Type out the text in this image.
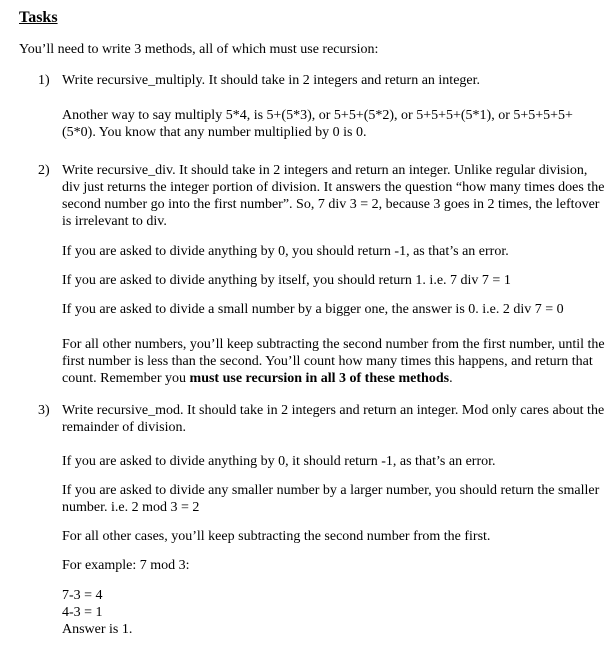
Tasks

You’ll need to write 3 methods, all of which must use recursion:

1) Write recursive_multiply. It should take in 2 integers and return an integer.

Another way to say multiply 5*4, is 5+(5*3), or 5+5+(5*2), or 5+5+5+(5*1), or 5+5+5+5+(5*0). You know that any number multiplied by 0 is 0.

2) Write recursive_div. It should take in 2 integers and return an integer. Unlike regular division, div just returns the integer portion of division. It answers the question “how many times does the second number go into the first number”. So, 7 div 3 = 2, because 3 goes in 2 times, the leftover is irrelevant to div.

If you are asked to divide anything by 0, you should return -1, as that’s an error.

If you are asked to divide anything by itself, you should return 1. i.e. 7 div 7 = 1

If you are asked to divide a small number by a bigger one, the answer is 0. i.e. 2 div 7 = 0

For all other numbers, you’ll keep subtracting the second number from the first number, until the first number is less than the second. You’ll count how many times this happens, and return that count. Remember you must use recursion in all 3 of these methods.

3) Write recursive_mod. It should take in 2 integers and return an integer. Mod only cares about the remainder of division.

If you are asked to divide anything by 0, it should return -1, as that’s an error.

If you are asked to divide any smaller number by a larger number, you should return the smaller number. i.e. 2 mod 3 = 2

For all other cases, you’ll keep subtracting the second number from the first.

For example: 7 mod 3:

7-3 = 4

4-3 = 1

Answer is 1.
